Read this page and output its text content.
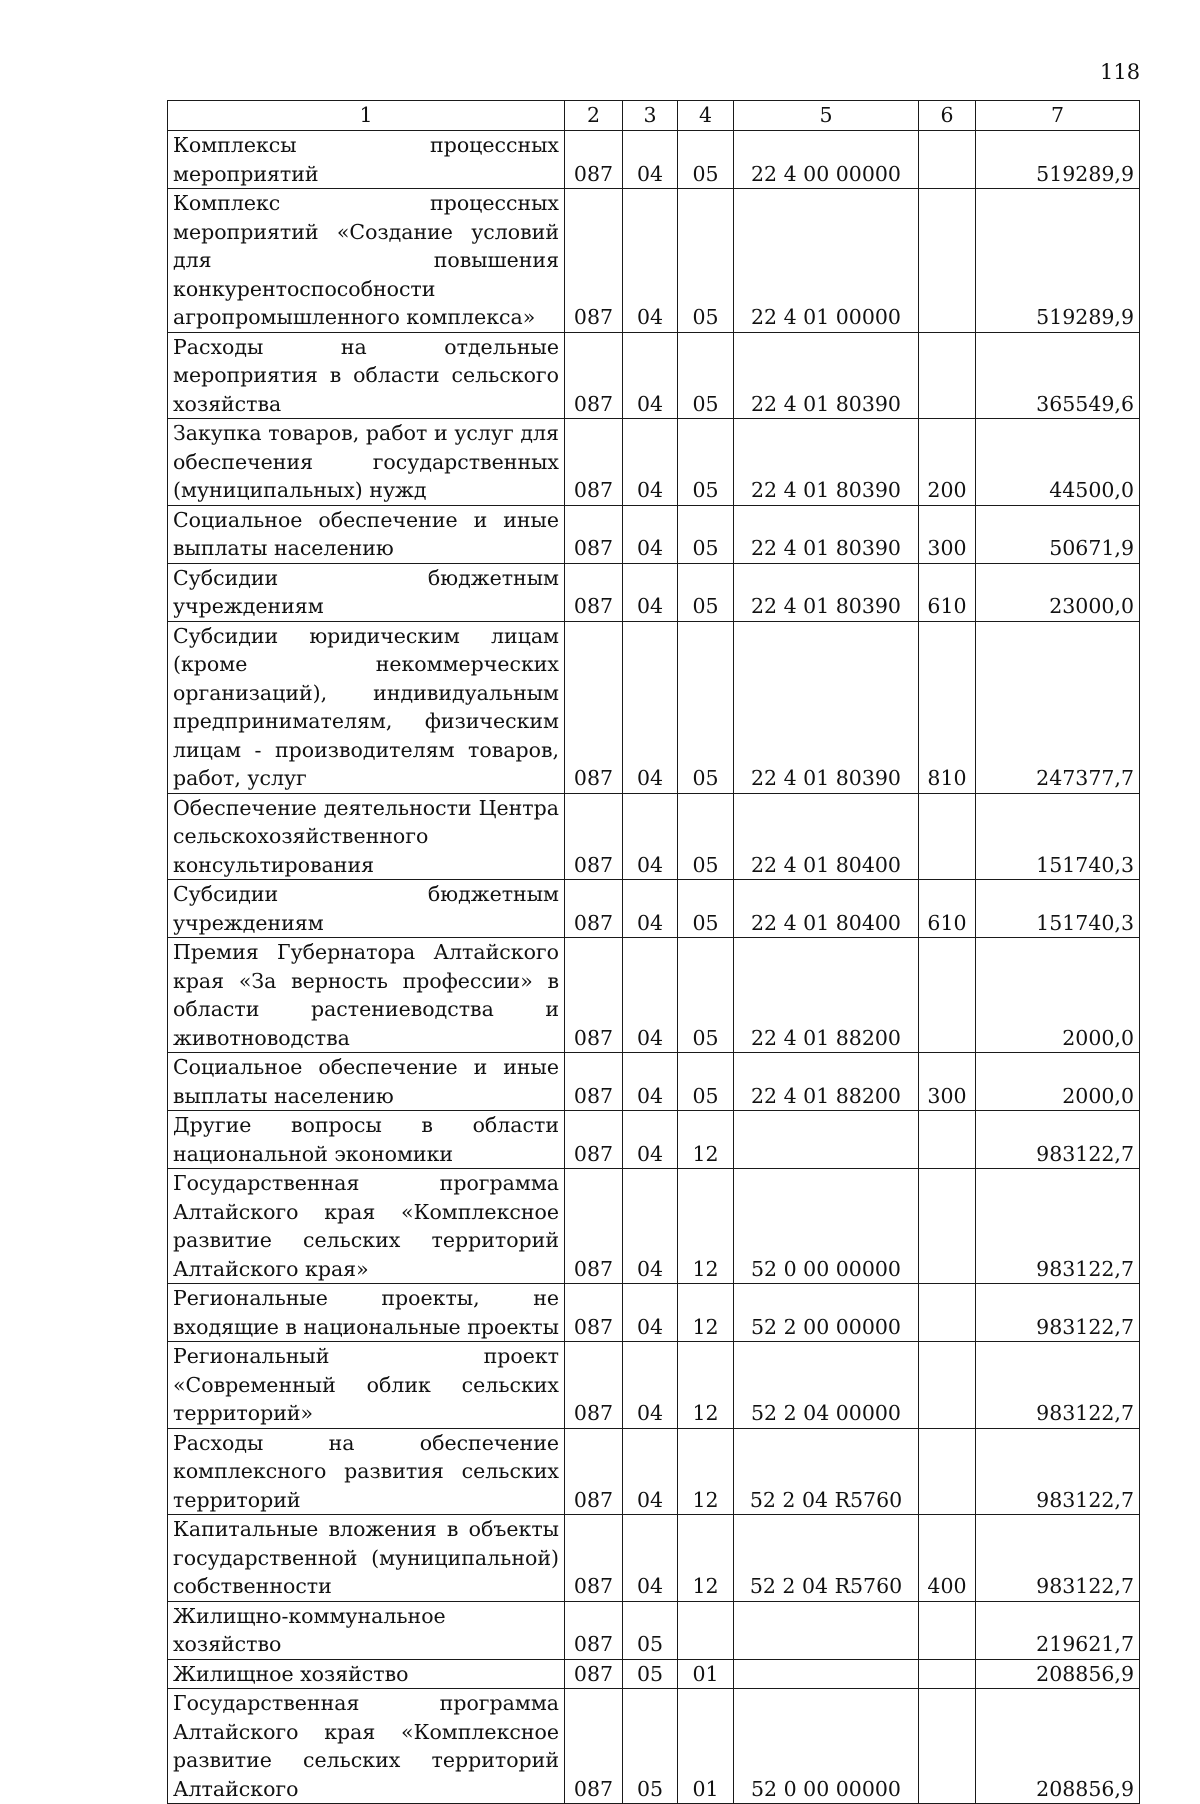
118
1	2	3	4	5	6	7
Комплексы процессных мероприятий	087	04	05	22 4 00 00000		519289,9
Комплекс процессных мероприятий «Создание условий для повышения конкурентоспособности агропромышленного комплекса»	087	04	05	22 4 01 00000		519289,9
Расходы на отдельные мероприятия в области сельского хозяйства	087	04	05	22 4 01 80390		365549,6
Закупка товаров, работ и услуг для обеспечения государственных (муниципальных) нужд	087	04	05	22 4 01 80390	200	44500,0
Социальное обеспечение и иные выплаты населению	087	04	05	22 4 01 80390	300	50671,9
Субсидии бюджетным учреждениям	087	04	05	22 4 01 80390	610	23000,0
Субсидии юридическим лицам (кроме некоммерческих организаций), индивидуальным предпринимателям, физическим лицам - производителям товаров, работ, услуг	087	04	05	22 4 01 80390	810	247377,7
Обеспечение деятельности Центра сельскохозяйственного консультирования	087	04	05	22 4 01 80400		151740,3
Субсидии бюджетным учреждениям	087	04	05	22 4 01 80400	610	151740,3
Премия Губернатора Алтайского края «За верность профессии» в области растениеводства и животноводства	087	04	05	22 4 01 88200		2000,0
Социальное обеспечение и иные выплаты населению	087	04	05	22 4 01 88200	300	2000,0
Другие вопросы в области национальной экономики	087	04	12			983122,7
Государственная программа Алтайского края «Комплексное развитие сельских территорий Алтайского края»	087	04	12	52 0 00 00000		983122,7
Региональные проекты, не входящие в национальные проекты	087	04	12	52 2 00 00000		983122,7
Региональный проект «Современный облик сельских территорий»	087	04	12	52 2 04 00000		983122,7
Расходы на обеспечение комплексного развития сельских территорий	087	04	12	52 2 04 R5760		983122,7
Капитальные вложения в объекты государственной (муниципальной) собственности	087	04	12	52 2 04 R5760	400	983122,7
Жилищно-коммунальное хозяйство	087	05				219621,7
Жилищное хозяйство	087	05	01			208856,9
Государственная программа Алтайского края «Комплексное развитие сельских территорий Алтайского	087	05	01	52 0 00 00000		208856,9
